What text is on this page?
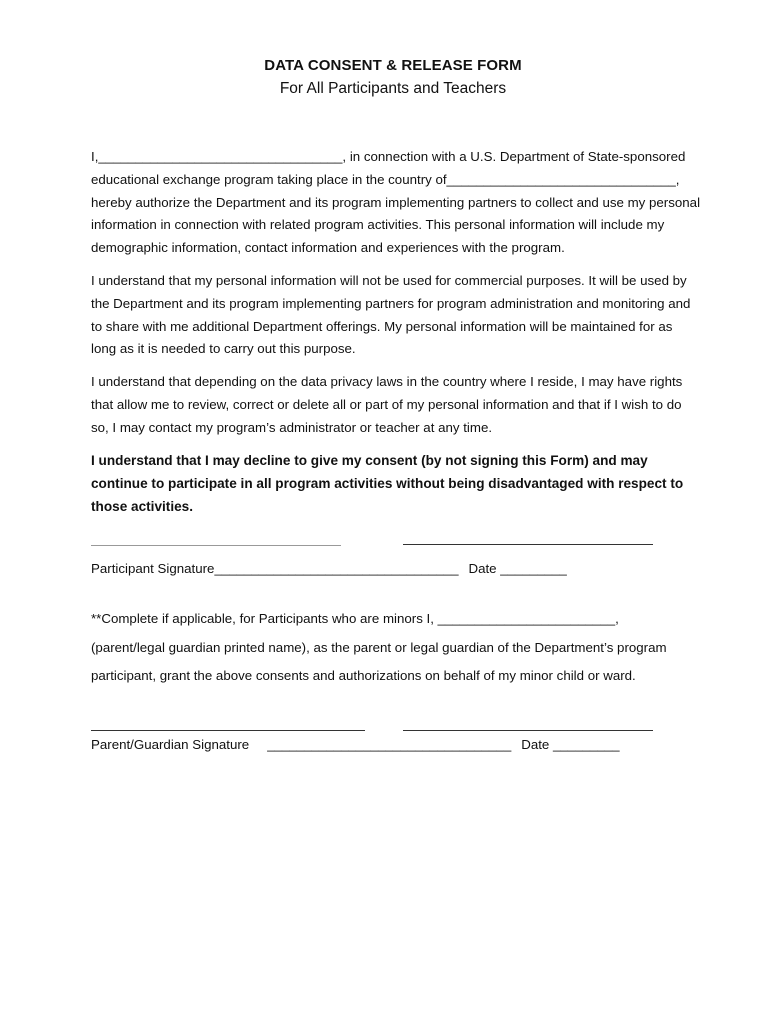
DATA CONSENT & RELEASE FORM
For All Participants and Teachers

I,_________________________________, in connection with a U.S. Department of State-sponsored educational exchange program taking place in the country of_______________________________, hereby authorize the Department and its program implementing partners to collect and use my personal information in connection with related program activities. This personal information will include my demographic information, contact information and experiences with the program.

I understand that my personal information will not be used for commercial purposes. It will be used by the Department and its program implementing partners for program administration and monitoring and to share with me additional Department offerings. My personal information will be maintained for as long as it is needed to carry out this purpose.

I understand that depending on the data privacy laws in the country where I reside, I may have rights that allow me to review, correct or delete all or part of my personal information and that if I wish to do so, I may contact my program’s administrator or teacher at any time.

I understand that I may decline to give my consent (by not signing this Form) and may continue to participate in all program activities without being disadvantaged with respect to those activities.

Participant Signature_________________________________ Date _________
**Complete if applicable, for Participants who are minors I, ________________________,
(parent/legal guardian printed name), as the parent or legal guardian of the Department’s program
participant, grant the above consents and authorizations on behalf of my minor child or ward.
Parent/Guardian Signature _________________________________ Date _________
